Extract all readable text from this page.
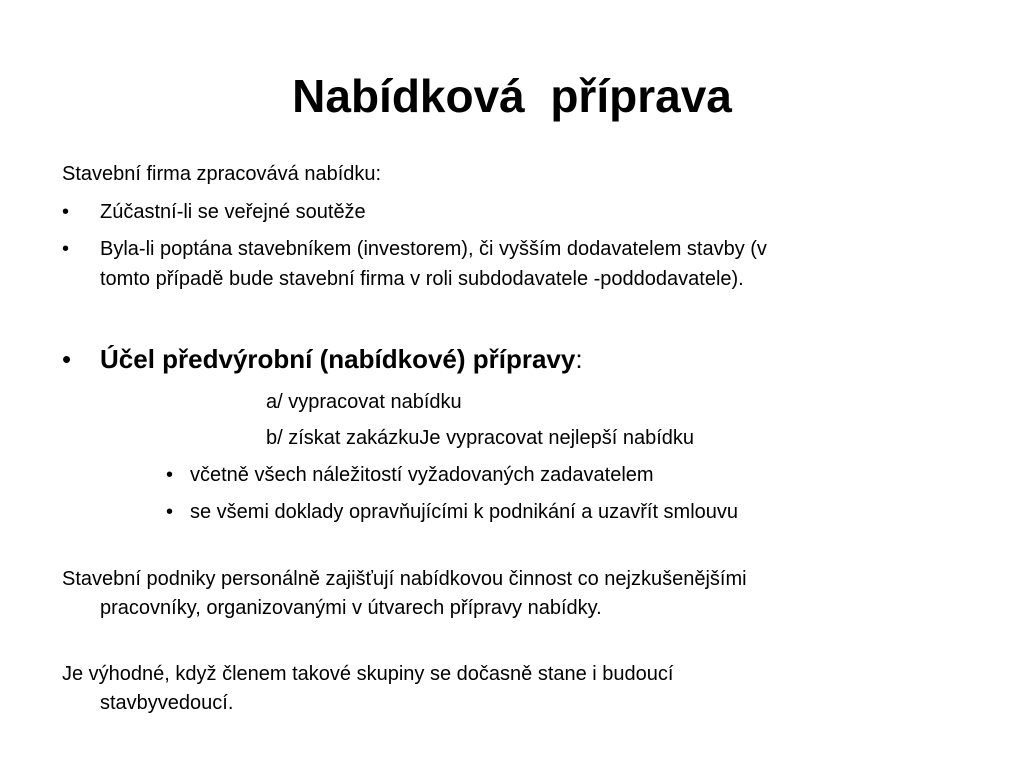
Nabídková  příprava
Stavební firma zpracovává nabídku:
• Zúčastní-li se veřejné soutěže
• Byla-li poptána stavebníkem (investorem), či vyšším dodavatelem stavby (v
tomto případě bude stavební firma v roli subdodavatele -poddodavatele).
• Účel předvýrobní (nabídkové) přípravy:
a/ vypracovat nabídku
b/ získat zakázkuJe vypracovat nejlepší nabídku
• včetně všech náležitostí vyžadovaných zadavatelem
• se všemi doklady opravňujícími k podnikání a uzavřít smlouvu
Stavební podniky personálně zajišťují nabídkovou činnost co nejzkušenějšími
pracovníky, organizovanými v útvarech přípravy nabídky.
Je výhodné, když členem takové skupiny se dočasně stane i budoucí
stavbyvedoucí.
